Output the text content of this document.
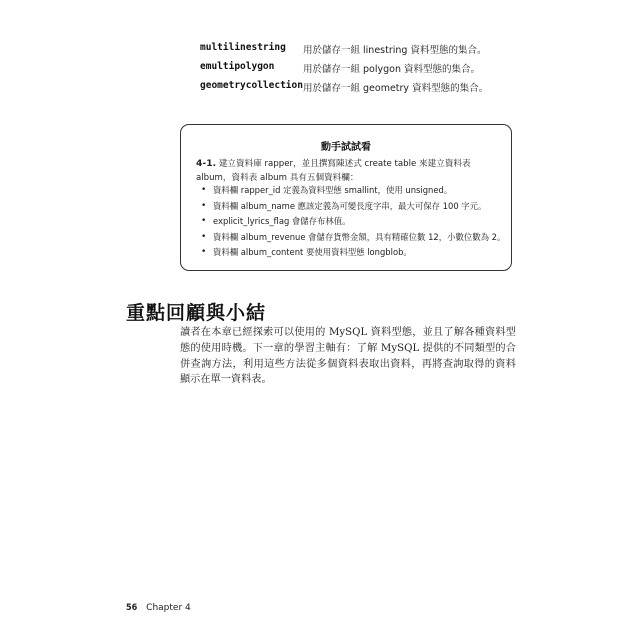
multilinestring 用於儲存一組 linestring 資料型態的集合。
emultipolygon	用於儲存一組 polygon 資料型態的集合。
geometrycollection 用於儲存一組 geometry 資料型態的集合。
動手試試看
4-1. 建立資料庫 rapper，並且撰寫陳述式 create table 來建立資料表
album，資料表 album 具有五個資料欄：
• 資料欄 rapper_id 定義為資料型態 smallint，使用 unsigned。
• 資料欄 album_name 應該定義為可變長度字串，最大可保存 100 字元。
• explicit_lyrics_flag 會儲存布林值。
• 資料欄 album_revenue 會儲存貨幣金額，具有精確位數 12，小數位數為 2。
• 資料欄 album_content 要使用資料型態 longblob。
重點回顧與小結
讀者在本章已經探索可以使用的 MySQL 資料型態，並且了解各種資料型態的使用時機。下一章的學習主軸有：了解 MySQL 提供的不同類型的合併查詢方法，利用這些方法從多個資料表取出資料，再將查詢取得的資料顯示在單一資料表。
56 Chapter 4
